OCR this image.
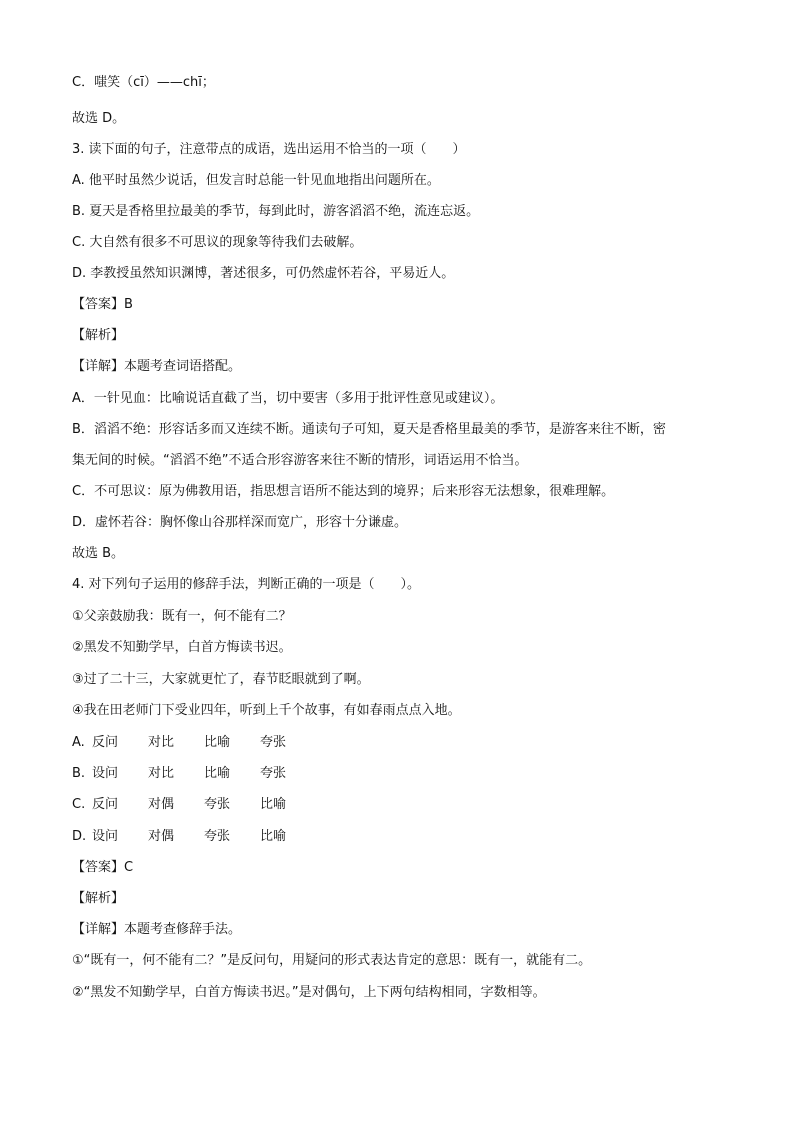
C．嗤笑（cī）——chī；
故选 D。
3. 读下面的句子，注意带点的成语，选出运用不恰当的一项（　　）
A. 他平时虽然少说话，但发言时总能一针见血地指出问题所在。
B. 夏天是香格里拉最美的季节，每到此时，游客滔滔不绝，流连忘返。
C. 大自然有很多不可思议的现象等待我们去破解。
D. 李教授虽然知识渊博，著述很多，可仍然虚怀若谷，平易近人。
【答案】B
【解析】
【详解】本题考查词语搭配。
A．一针见血：比喻说话直截了当，切中要害（多用于批评性意见或建议）。
B．滔滔不绝：形容话多而又连续不断。通读句子可知，夏天是香格里最美的季节，是游客来往不断，密
集无间的时候。“滔滔不绝”不适合形容游客来往不断的情形，词语运用不恰当。
C．不可思议：原为佛教用语，指思想言语所不能达到的境界；后来形容无法想象，很难理解。
D．虚怀若谷：胸怀像山谷那样深而宽广，形容十分谦虚。
故选 B。
4. 对下列句子运用的修辞手法，判断正确的一项是（　　）。
①父亲鼓励我：既有一，何不能有二？
②黑发不知勤学早，白首方悔读书迟。
③过了二十三，大家就更忙了，春节眨眼就到了啊。
④我在田老师门下受业四年，听到上千个故事，有如春雨点点入地。
A. 反问 对比 比喻 夸张
B. 设问 对比 比喻 夸张
C. 反问 对偶 夸张 比喻
D. 设问 对偶 夸张 比喻
【答案】C
【解析】
【详解】本题考查修辞手法。
①“既有一，何不能有二？”是反问句，用疑问的形式表达肯定的意思：既有一，就能有二。
②“黑发不知勤学早，白首方悔读书迟。”是对偶句，上下两句结构相同，字数相等。
